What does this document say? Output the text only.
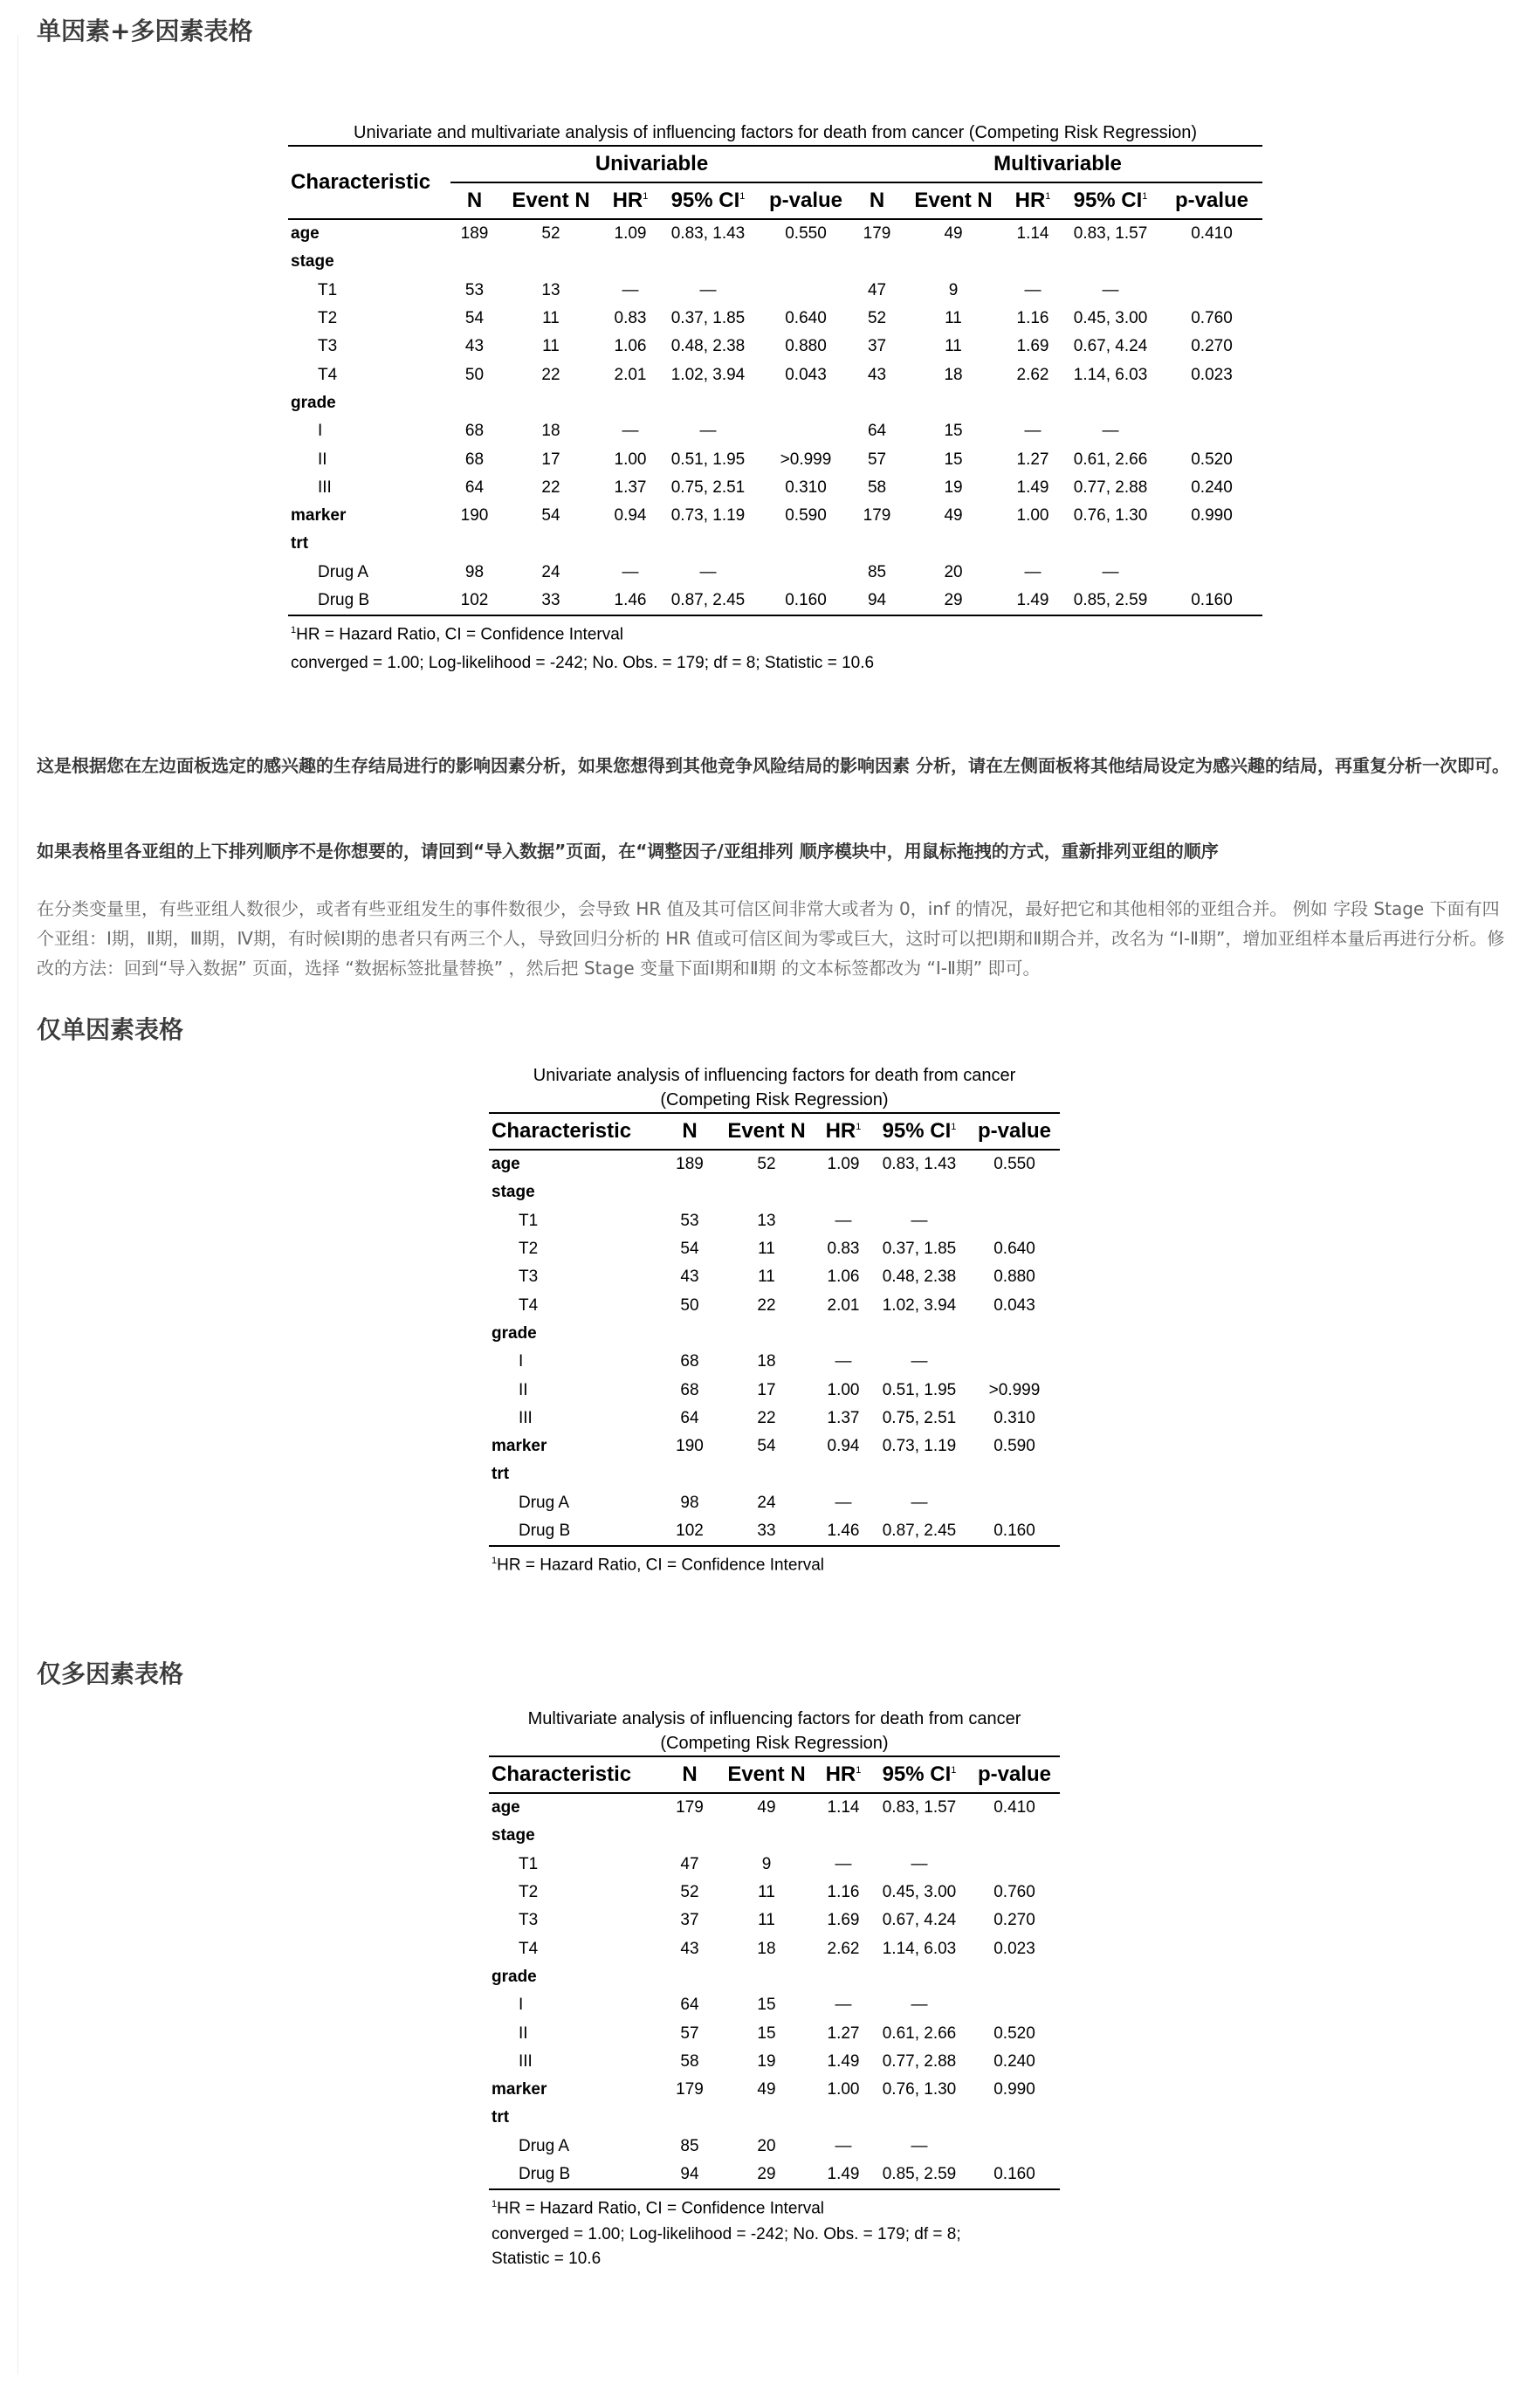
单因素+多因素表格
Univariate and multivariate analysis of influencing factors for death from cancer (Competing Risk Regression)
Characteristic	Univariable					Multivariable				
	N	Event N	$HR^1$	95% $CI^1$	p-value	N	Event N	$HR^1$	95% $CI^1$	p-value
age	189	52	1.09	0.83, 1.43	0.550	179	49	1.14	0.83, 1.57	0.410
stage										
T1	53	13	—	—		47	9	—	—	
T2	54	11	0.83	0.37, 1.85	0.640	52	11	1.16	0.45, 3.00	0.760
T3	43	11	1.06	0.48, 2.38	0.880	37	11	1.69	0.67, 4.24	0.270
T4	50	22	2.01	1.02, 3.94	0.043	43	18	2.62	1.14, 6.03	0.023
grade										
I	68	18	—	—		64	15	—	—	
II	68	17	1.00	0.51, 1.95	>0.999	57	15	1.27	0.61, 2.66	0.520
III	64	22	1.37	0.75, 2.51	0.310	58	19	1.49	0.77, 2.88	0.240
marker	190	54	0.94	0.73, 1.19	0.590	179	49	1.00	0.76, 1.30	0.990
trt										
Drug A	98	24	—	—		85	20	—	—	
Drug B	102	33	1.46	0.87, 2.45	0.160	94	29	1.49	0.85, 2.59	0.160
$^1$HR = Hazard Ratio, CI = Confidence Interval
converged = 1.00; Log-likelihood = -242; No. Obs. = 179; df = 8; Statistic = 10.6

这是根据您在左边面板选定的感兴趣的生存结局进行的影响因素分析，如果您想得到其他竞争风险结局的影响因素 分析，请在左侧面板将其他结局设定为感兴趣的结局，再重复分析一次即可。

如果表格里各亚组的上下排列顺序不是你想要的，请回到“导入数据”页面，在“调整因子/亚组排列 顺序模块中，用鼠标拖拽的方式，重新排列亚组的顺序

在分类变量里，有些亚组人数很少，或者有些亚组发生的事件数很少，会导致 HR 值及其可信区间非常大或者为 0，inf 的情况，最好把它和其他相邻的亚组合并。 例如 字段 Stage 下面有四个亚组：Ⅰ期，Ⅱ期，Ⅲ期，Ⅳ期，有时候Ⅰ期的患者只有两三个人，导致回归分析的 HR 值或可信区间为零或巨大，这时可以把Ⅰ期和Ⅱ期合并，改名为 “Ⅰ-Ⅱ期”，增加亚组样本量后再进行分析。修改的方法：回到“导入数据” 页面，选择 “数据标签批量替换” ，然后把 Stage 变量下面Ⅰ期和Ⅱ期 的文本标签都改为 “Ⅰ-Ⅱ期” 即可。

仅单因素表格
Univariate analysis of influencing factors for death from cancer
(Competing Risk Regression)
Characteristic	N	Event N	$HR^1$	95% $CI^1$	p-value
age	189	52	1.09	0.83, 1.43	0.550
stage					
T1	53	13	—	—	
T2	54	11	0.83	0.37, 1.85	0.640
T3	43	11	1.06	0.48, 2.38	0.880
T4	50	22	2.01	1.02, 3.94	0.043
grade					
I	68	18	—	—	
II	68	17	1.00	0.51, 1.95	>0.999
III	64	22	1.37	0.75, 2.51	0.310
marker	190	54	0.94	0.73, 1.19	0.590
trt					
Drug A	98	24	—	—	
Drug B	102	33	1.46	0.87, 2.45	0.160
$^1$HR = Hazard Ratio, CI = Confidence Interval
仅多因素表格
Multivariate analysis of influencing factors for death from cancer
(Competing Risk Regression)
Characteristic	N	Event N	$HR^1$	95% $CI^1$	p-value
age	179	49	1.14	0.83, 1.57	0.410
stage					
T1	47	9	—	—	
T2	52	11	1.16	0.45, 3.00	0.760
T3	37	11	1.69	0.67, 4.24	0.270
T4	43	18	2.62	1.14, 6.03	0.023
grade					
I	64	15	—	—	
II	57	15	1.27	0.61, 2.66	0.520
III	58	19	1.49	0.77, 2.88	0.240
marker	179	49	1.00	0.76, 1.30	0.990
trt					
Drug A	85	20	—	—	
Drug B	94	29	1.49	0.85, 2.59	0.160
$^1$HR = Hazard Ratio, CI = Confidence Interval
converged = 1.00; Log-likelihood = -242; No. Obs. = 179; df = 8;
Statistic = 10.6
